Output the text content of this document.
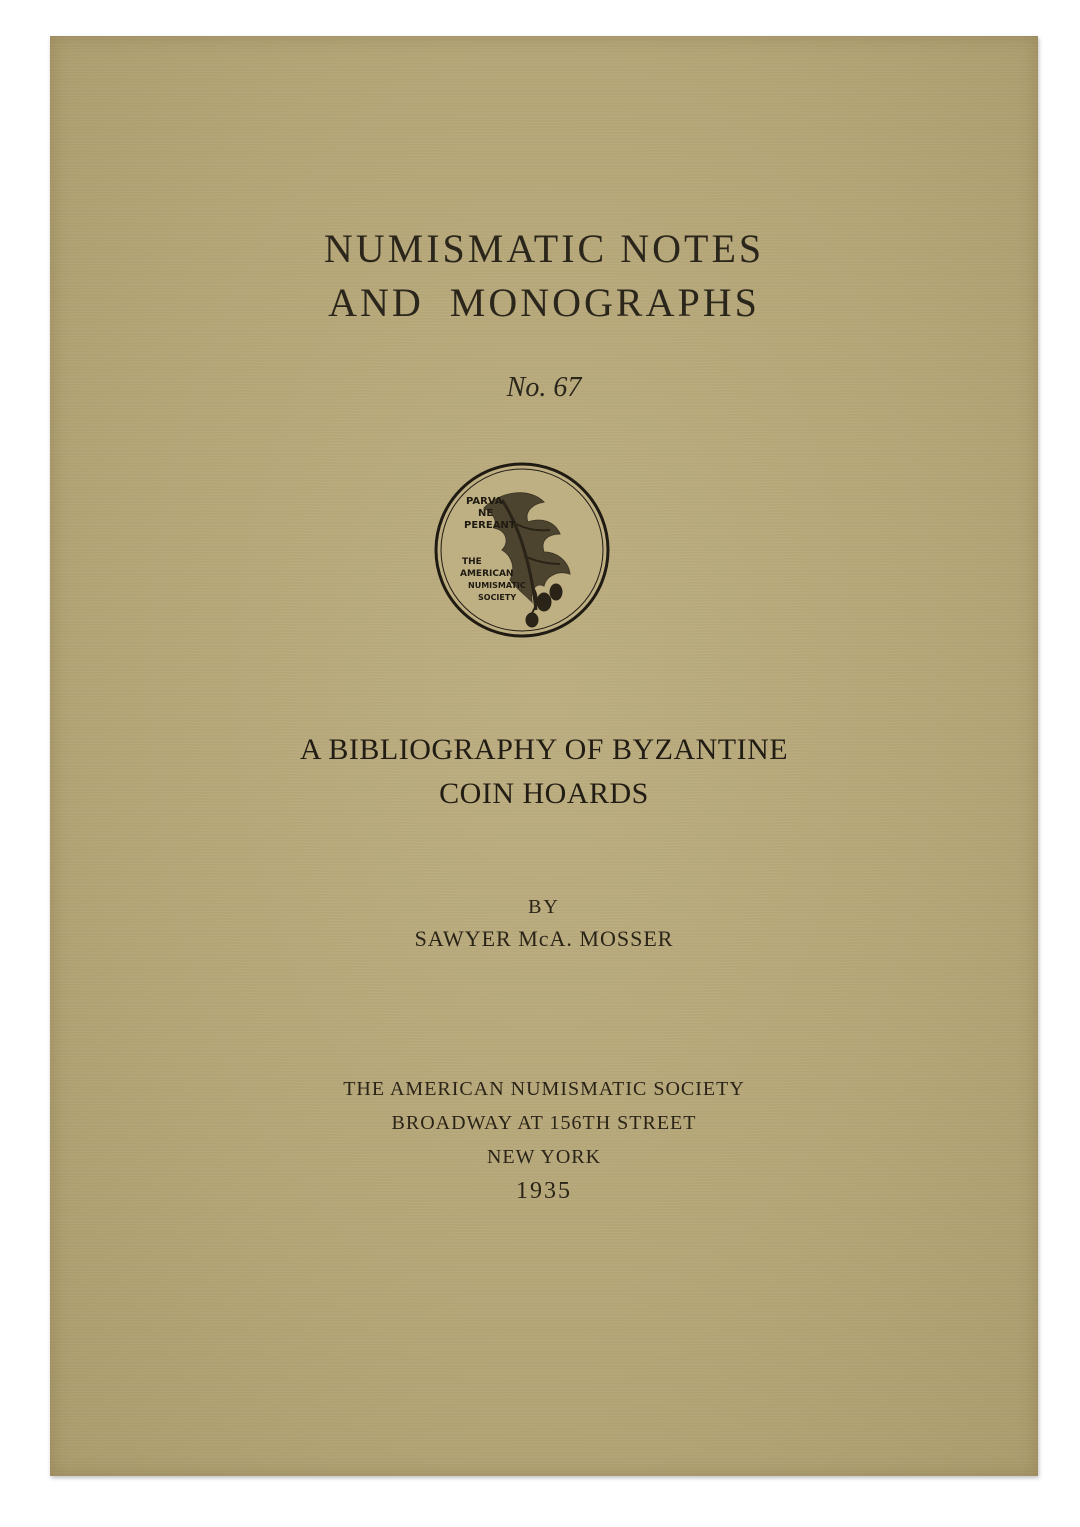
NUMISMATIC NOTES
AND  MONOGRAPHS
No. 67
PARVA
NE
PEREANT
THE
AMERICAN
NUMISMATIC
SOCIETY
A BIBLIOGRAPHY OF BYZANTINE
COIN HOARDS
BY
SAWYER McA. MOSSER
THE AMERICAN NUMISMATIC SOCIETY
BROADWAY AT 156TH STREET
NEW YORK
1935
